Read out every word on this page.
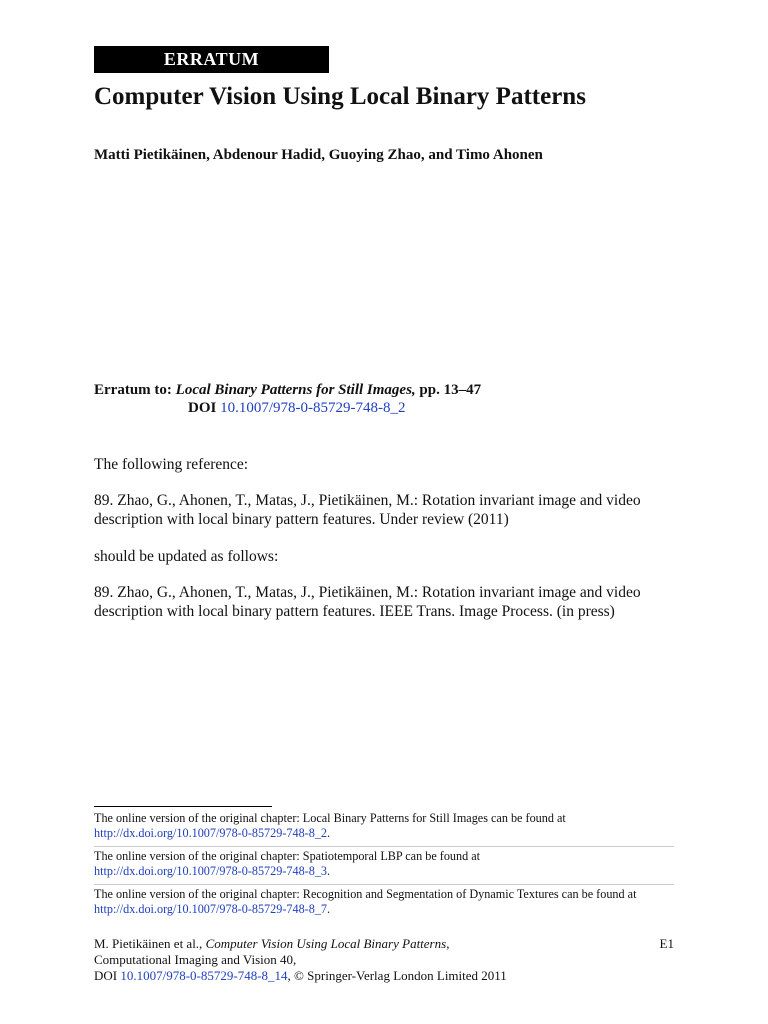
ERRATUM
Computer Vision Using Local Binary Patterns
Matti Pietikäinen, Abdenour Hadid, Guoying Zhao, and Timo Ahonen
Erratum to: Local Binary Patterns for Still Images, pp. 13–47
DOI 10.1007/978-0-85729-748-8_2
The following reference:
89. Zhao, G., Ahonen, T., Matas, J., Pietikäinen, M.: Rotation invariant image and video description with local binary pattern features. Under review (2011)
should be updated as follows:
89. Zhao, G., Ahonen, T., Matas, J., Pietikäinen, M.: Rotation invariant image and video description with local binary pattern features. IEEE Trans. Image Process. (in press)
The online version of the original chapter: Local Binary Patterns for Still Images can be found at
http://dx.doi.org/10.1007/978-0-85729-748-8_2.
The online version of the original chapter: Spatiotemporal LBP can be found at
http://dx.doi.org/10.1007/978-0-85729-748-8_3.
The online version of the original chapter: Recognition and Segmentation of Dynamic Textures can be found at http://dx.doi.org/10.1007/978-0-85729-748-8_7.
M. Pietikäinen et al., Computer Vision Using Local Binary Patterns,
Computational Imaging and Vision 40,
DOI 10.1007/978-0-85729-748-8_14, © Springer-Verlag London Limited 2011
E1
